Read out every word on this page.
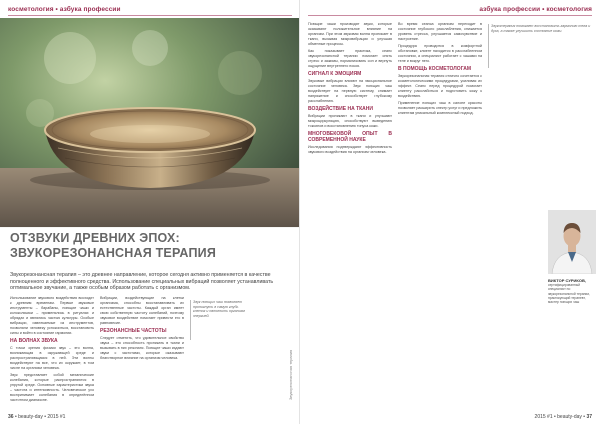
косметология • азбука профессии
ОТЗВУКИ ДРЕВНИХ ЭПОХ:
ЗВУКОРЕЗОНАНСНАЯ ТЕРАПИЯ
Звукорезонансная терапия – это древнее направление, которое сегодня активно применяется в качестве полноценного и эффективного средства. Использование специальных вибраций позволяет устанавливать оптимальное звучание, а также особым образом работать с организмом.

Использование звукового воздействия восходит к древним временам. Первые звуковые инструменты – барабаны, поющие чаши и колокольчики – применялись в ритуалах и обрядах и являлись частью культуры. Особые вибрации, извлекаемые из инструментов, позволяли человеку успокоиться, восстановить силы и войти в состояние гармонии.

НА ВОЛНАХ ЗВУКА

С точки зрения физики звук – это волна, возникающая в окружающей среде и распространяющаяся в ней. Эти волны воздействуют на все, что их окружает, в том числе на организм человека.

Звук представляет собой механические колебания, которые распространяются в упругой среде. Основные характеристики звука – частота и интенсивность. Человеческое ухо воспринимает колебания в определённом частотном диапазоне.

Вибрации, воздействующие на клетки организма, способны восстанавливать их естественные частоты. Каждый орган имеет свою собственную частоту колебаний, поэтому звуковое воздействие помогает привести его в равновесие.

РЕЗОНАНСНЫЕ ЧАСТОТЫ

Следует отметить, что удивительное свойство звука – это способность проникать в ткани и вызывать в них резонанс. Поющие чаши издают звуки с частотами, которые оказывают благотворное влияние на организм человека.

Звук поющих чаш позволяет проникнуть в самую глубь клеток и наполнить организм энергией.
Звукорезонансная терапия
36 • beauty-day • 2015 #1
азбука профессии • косметология

Поющие чаши производят звуки, которые оказывают положительное влияние на организм. При этом звуковая волна проникает в ткани, вызывая микровибрации и улучшая обменные процессы.

Как показывает практика, сеанс звукорезонансной терапии помогает снять стресс и зажимы, нормализовать сон и вернуть ощущение внутреннего покоя.

СИГНАЛ К ЭМОЦИЯМ

Звуковые вибрации влияют на эмоциональное состояние человека. Звук поющих чаш воздействует на нервную систему, снимает напряжение и способствует глубокому расслаблению.

ВОЗДЕЙСТВИЕ НА ТКАНИ

Вибрации проникают в ткани и улучшают микроциркуляцию, способствуют выведению токсинов и восстановлению тонуса кожи.

МНОГОВЕКОВОЙ ОПЫТ В СОВРЕМЕННОЙ НАУКЕ

Исследования подтверждают эффективность звукового воздействия на организм человека.

Во время сеанса организм переходит в состояние глубокого расслабления, снижается уровень стресса, улучшается самочувствие и настроение.

Процедура проводится в комфортной обстановке, клиент находится в расслабленном состоянии, а специалист работает с чашами на теле и вокруг него.

В ПОМОЩЬ КОСМЕТОЛОГАМ

Звукорезонансная терапия отлично сочетается с косметологическими процедурами, усиливая их эффект. Сеанс перед процедурой помогает клиенту расслабиться и подготовить кожу к воздействию.

Применение поющих чаш в салоне красоты позволяет расширить спектр услуг и предложить клиентам уникальный комплексный подход.

Звукотерапия помогает восстановить гармонию тела и духа, а также улучшить состояние кожи.
ВИКТОР СУРИКОВ,
сертифицированный специалист по звукорезонансной терапии, практикующий терапевт, мастер поющих чаш
2015 #1 • beauty-day • 37
